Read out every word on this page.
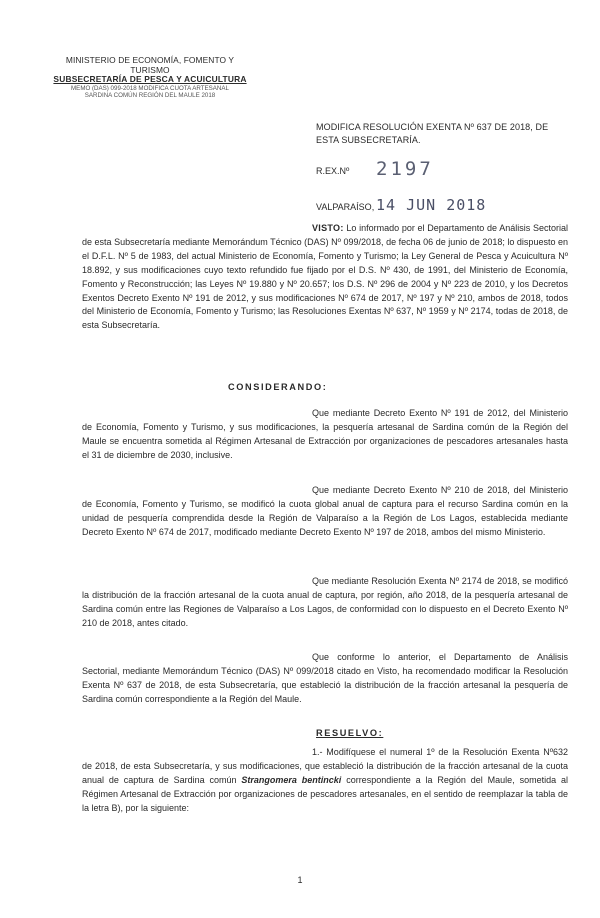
MINISTERIO DE ECONOMÍA, FOMENTO Y TURISMO
SUBSECRETARÍA DE PESCA Y ACUICULTURA
MEMO (DAS) 099-2018 MODIFICA CUOTA ARTESANAL
SARDINA COMÚN REGIÓN DEL MAULE 2018
MODIFICA RESOLUCIÓN EXENTA Nº 637 DE 2018, DE ESTA SUBSECRETARÍA.
R.EX.Nº 2197
VALPARAÍSO, 14 JUN 2018

VISTO: Lo informado por el Departamento de Análisis Sectorial de esta Subsecretaría mediante Memorándum Técnico (DAS) Nº 099/2018, de fecha 06 de junio de 2018; lo dispuesto en el D.F.L. Nº 5 de 1983, del actual Ministerio de Economía, Fomento y Turismo; la Ley General de Pesca y Acuicultura Nº 18.892, y sus modificaciones cuyo texto refundido fue fijado por el D.S. Nº 430, de 1991, del Ministerio de Economía, Fomento y Reconstrucción; las Leyes Nº 19.880 y Nº 20.657; los D.S. Nº 296 de 2004 y Nº 223 de 2010, y los Decretos Exentos Decreto Exento Nº 191 de 2012, y sus modificaciones Nº 674 de 2017, Nº 197 y Nº 210, ambos de 2018, todos del Ministerio de Economía, Fomento y Turismo; las Resoluciones Exentas Nº 637, Nº 1959 y Nº 2174, todas de 2018, de esta Subsecretaría.

CONSIDERANDO:

Que mediante Decreto Exento Nº 191 de 2012, del Ministerio de Economía, Fomento y Turismo, y sus modificaciones, la pesquería artesanal de Sardina común de la Región del Maule se encuentra sometida al Régimen Artesanal de Extracción por organizaciones de pescadores artesanales hasta el 31 de diciembre de 2030, inclusive.

Que mediante Decreto Exento Nº 210 de 2018, del Ministerio de Economía, Fomento y Turismo, se modificó la cuota global anual de captura para el recurso Sardina común en la unidad de pesquería comprendida desde la Región de Valparaíso a la Región de Los Lagos, establecida mediante Decreto Exento Nº 674 de 2017, modificado mediante Decreto Exento Nº 197 de 2018, ambos del mismo Ministerio.

Que mediante Resolución Exenta Nº 2174 de 2018, se modificó la distribución de la fracción artesanal de la cuota anual de captura, por región, año 2018, de la pesquería artesanal de Sardina común entre las Regiones de Valparaíso a Los Lagos, de conformidad con lo dispuesto en el Decreto Exento Nº 210 de 2018, antes citado.

Que conforme lo anterior, el Departamento de Análisis Sectorial, mediante Memorándum Técnico (DAS) Nº 099/2018 citado en Visto, ha recomendado modificar la Resolución Exenta Nº 637 de 2018, de esta Subsecretaría, que estableció la distribución de la fracción artesanal la pesquería de Sardina común correspondiente a la Región del Maule.

RESUELVO:

1.- Modifíquese el numeral 1º de la Resolución Exenta Nº632 de 2018, de esta Subsecretaría, y sus modificaciones, que estableció la distribución de la fracción artesanal de la cuota anual de captura de Sardina común Strangomera bentincki correspondiente a la Región del Maule, sometida al Régimen Artesanal de Extracción por organizaciones de pescadores artesanales, en el sentido de reemplazar la tabla de la letra B), por la siguiente:

1
